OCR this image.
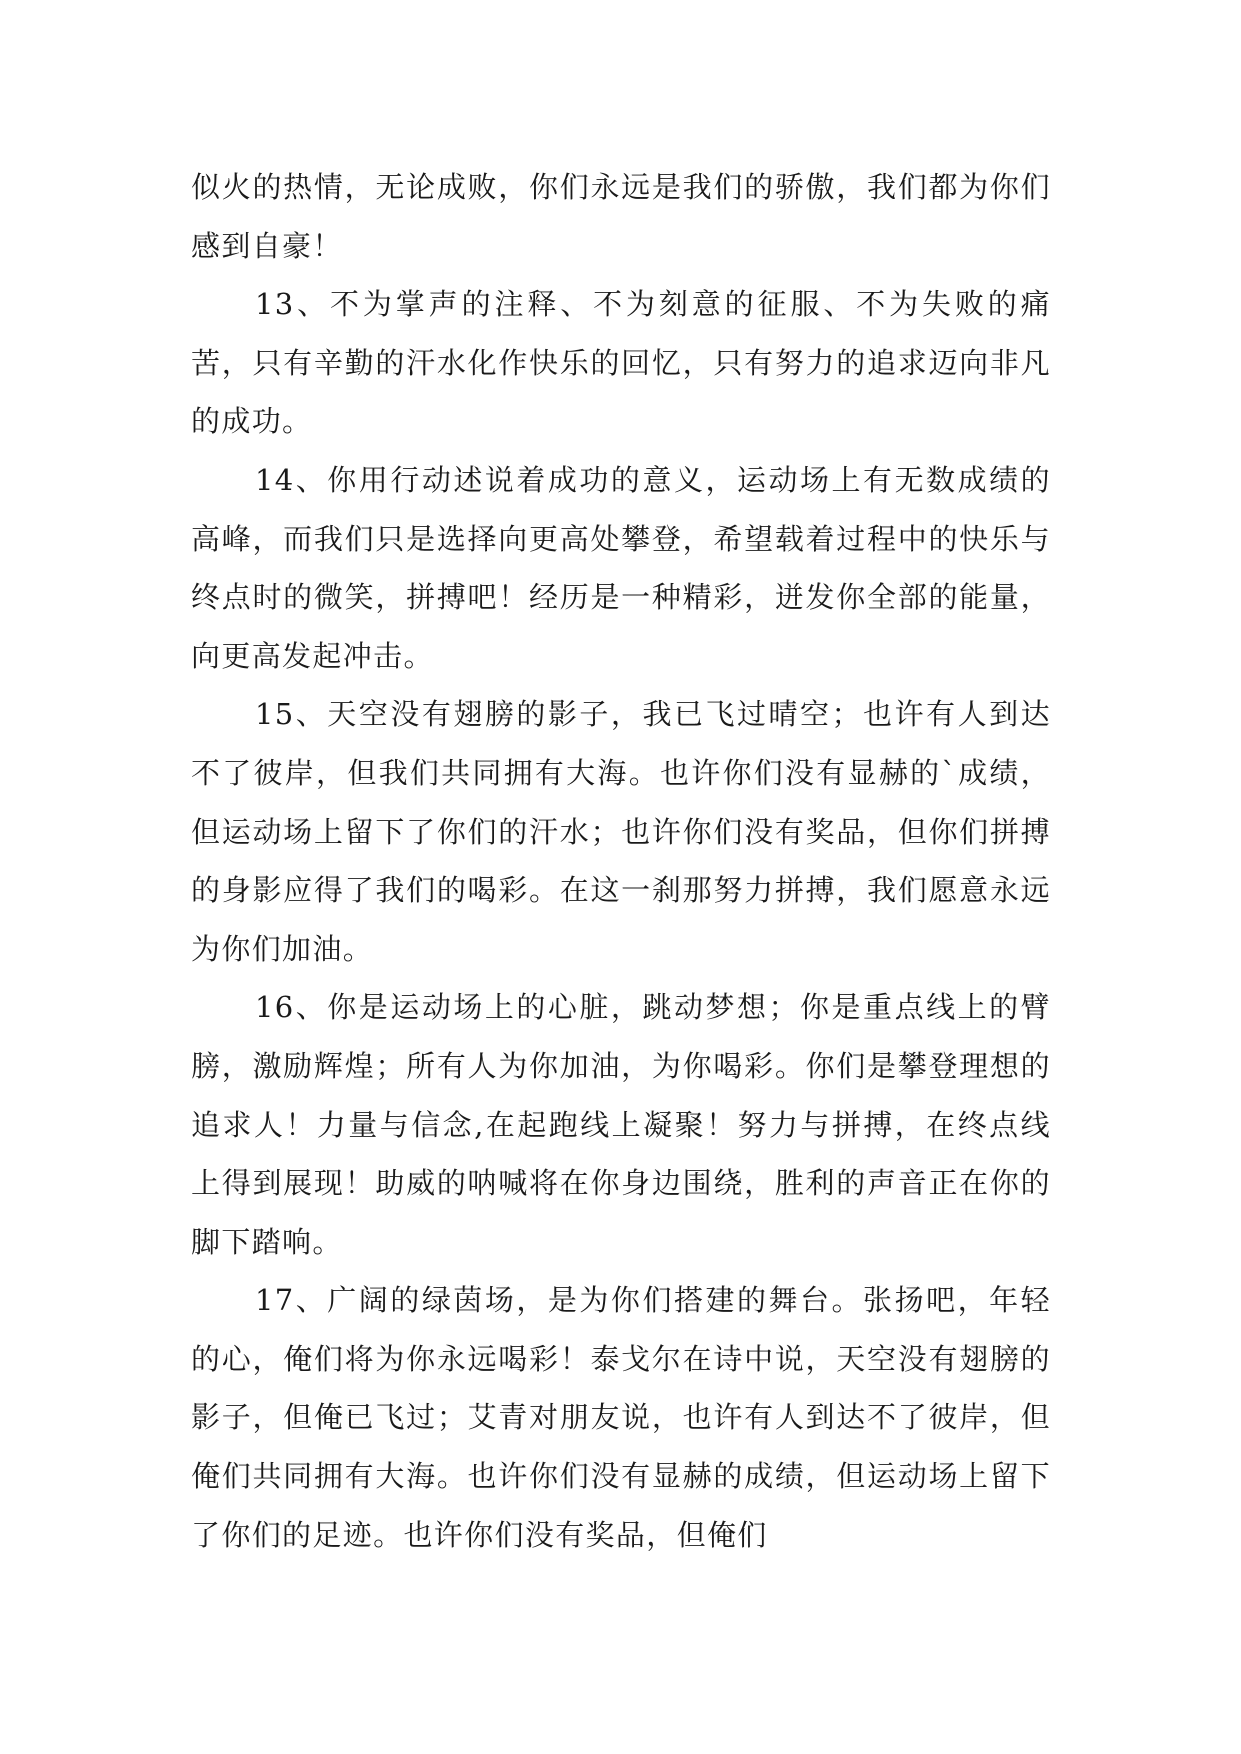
似火的热情，无论成败，你们永远是我们的骄傲，我们都为你们感到自豪！

13、不为掌声的注释、不为刻意的征服、不为失败的痛苦，只有辛勤的汗水化作快乐的回忆，只有努力的追求迈向非凡的成功。

14、你用行动述说着成功的意义，运动场上有无数成绩的高峰，而我们只是选择向更高处攀登，希望载着过程中的快乐与终点时的微笑，拼搏吧！经历是一种精彩，迸发你全部的能量，向更高发起冲击。

15、天空没有翅膀的影子，我已飞过晴空；也许有人到达不了彼岸，但我们共同拥有大海。也许你们没有显赫的`成绩，但运动场上留下了你们的汗水；也许你们没有奖品，但你们拼搏的身影应得了我们的喝彩。在这一刹那努力拼搏，我们愿意永远为你们加油。

16、你是运动场上的心脏，跳动梦想；你是重点线上的臂膀，激励辉煌；所有人为你加油，为你喝彩。你们是攀登理想的追求人！力量与信念,在起跑线上凝聚！努力与拼搏，在终点线上得到展现！助威的呐喊将在你身边围绕，胜利的声音正在你的脚下踏响。

17、广阔的绿茵场，是为你们搭建的舞台。张扬吧，年轻的心，俺们将为你永远喝彩！泰戈尔在诗中说，天空没有翅膀的影子，但俺已飞过；艾青对朋友说，也许有人到达不了彼岸，但俺们共同拥有大海。也许你们没有显赫的成绩，但运动场上留下了你们的足迹。也许你们没有奖品，但俺们
